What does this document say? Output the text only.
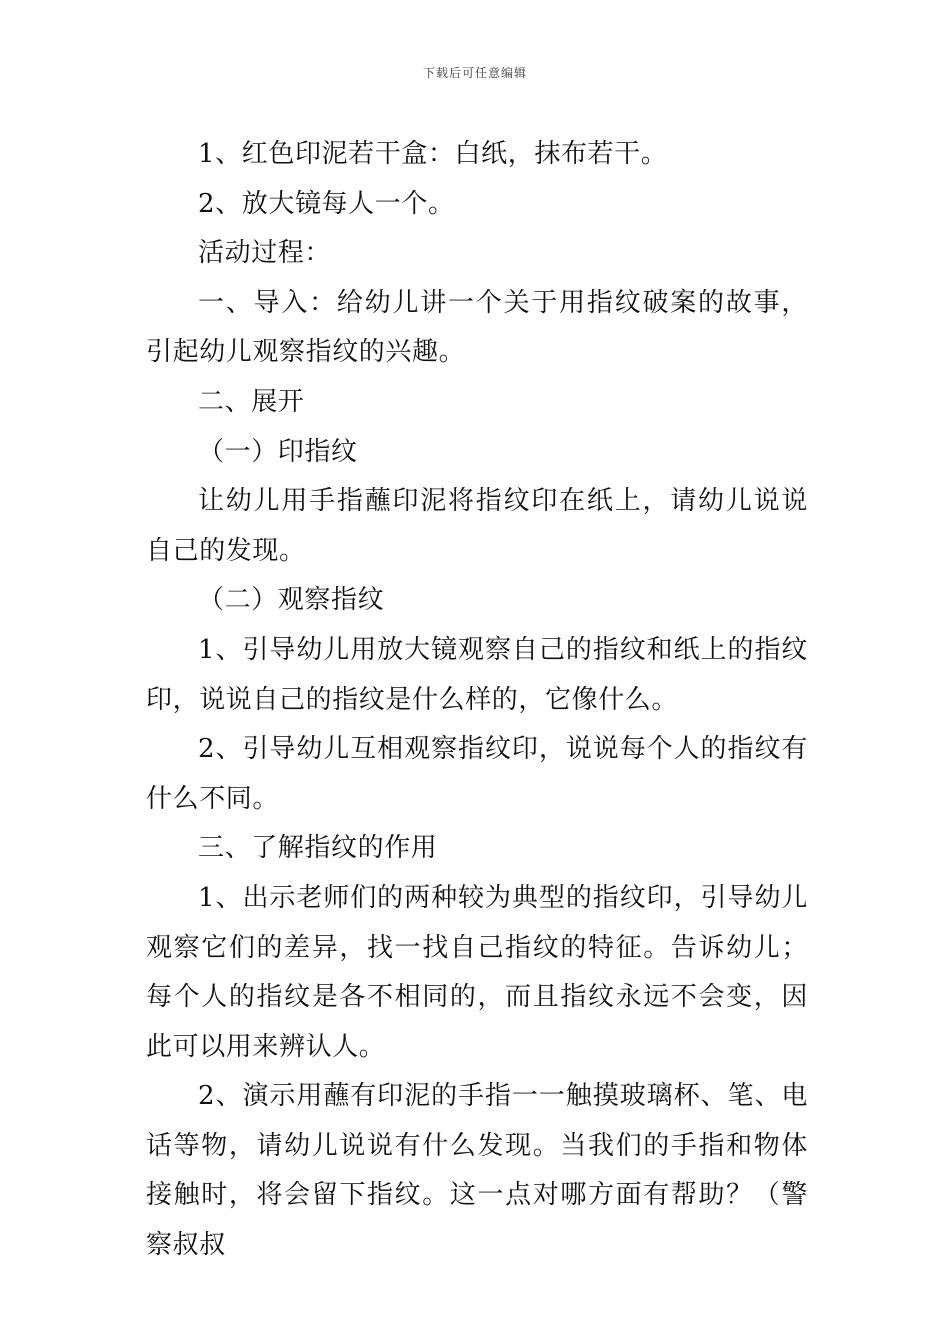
下载后可任意编辑

1、红色印泥若干盒：白纸，抹布若干。

2、放大镜每人一个。

活动过程：

一、导入：给幼儿讲一个关于用指纹破案的故事，引起幼儿观察指纹的兴趣。

二、展开

（一）印指纹

让幼儿用手指蘸印泥将指纹印在纸上，请幼儿说说自己的发现。

（二）观察指纹

1、引导幼儿用放大镜观察自己的指纹和纸上的指纹印，说说自己的指纹是什么样的，它像什么。

2、引导幼儿互相观察指纹印，说说每个人的指纹有什么不同。

三、了解指纹的作用

1、出示老师们的两种较为典型的指纹印，引导幼儿观察它们的差异，找一找自己指纹的特征。告诉幼儿；每个人的指纹是各不相同的，而且指纹永远不会变，因此可以用来辨认人。

2、演示用蘸有印泥的手指一一触摸玻璃杯、笔、电话等物，请幼儿说说有什么发现。当我们的手指和物体接触时，将会留下指纹。这一点对哪方面有帮助？（警察叔叔
